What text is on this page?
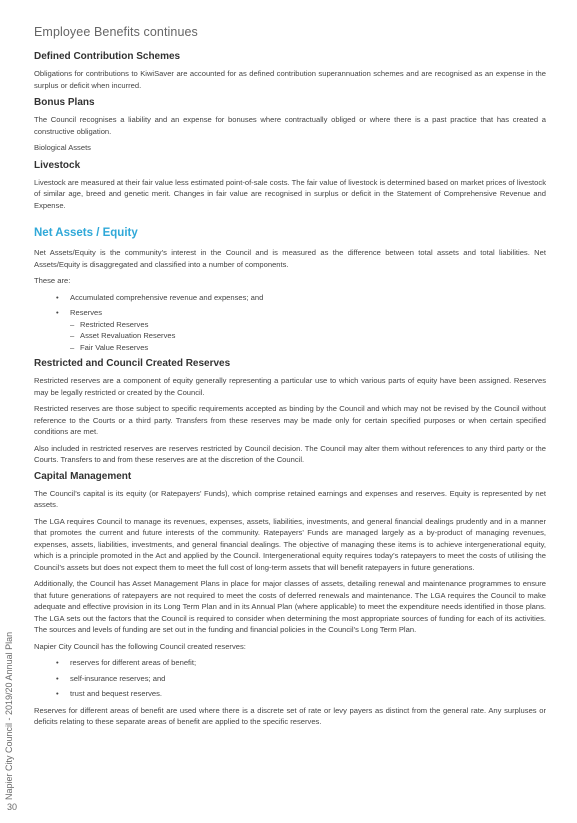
Napier City Council - 2019/20 Annual Plan
30
Employee Benefits continues
Defined Contribution Schemes

Obligations for contributions to KiwiSaver are accounted for as defined contribution superannuation schemes and are recognised as an expense in the surplus or deficit when incurred.

Bonus Plans

The Council recognises a liability and an expense for bonuses where contractually obliged or where there is a past practice that has created a constructive obligation.

Biological Assets

Livestock

Livestock are measured at their fair value less estimated point-of-sale costs. The fair value of livestock is determined based on market prices of livestock of similar age, breed and genetic merit. Changes in fair value are recognised in surplus or deficit in the Statement of Comprehensive Revenue and Expense.

Net Assets / Equity

Net Assets/Equity is the community’s interest in the Council and is measured as the difference between total assets and total liabilities. Net Assets/Equity is disaggregated and classified into a number of components.

These are:

• Accumulated comprehensive revenue and expenses; and
• Reserves
– Restricted Reserves
– Asset Revaluation Reserves
– Fair Value Reserves
Restricted and Council Created Reserves

Restricted reserves are a component of equity generally representing a particular use to which various parts of equity have been assigned. Reserves may be legally restricted or created by the Council.

Restricted reserves are those subject to specific requirements accepted as binding by the Council and which may not be revised by the Council without reference to the Courts or a third party. Transfers from these reserves may be made only for certain specified purposes or when certain specified conditions are met.

Also included in restricted reserves are reserves restricted by Council decision. The Council may alter them without references to any third party or the Courts. Transfers to and from these reserves are at the discretion of the Council.

Capital Management

The Council’s capital is its equity (or Ratepayers’ Funds), which comprise retained earnings and expenses and reserves. Equity is represented by net assets.

The LGA requires Council to manage its revenues, expenses, assets, liabilities, investments, and general financial dealings prudently and in a manner that promotes the current and future interests of the community. Ratepayers’ Funds are managed largely as a by-product of managing revenues, expenses, assets, liabilities, investments, and general financial dealings. The objective of managing these items is to achieve intergenerational equity, which is a principle promoted in the Act and applied by the Council. Intergenerational equity requires today’s ratepayers to meet the costs of utilising the Council’s assets but does not expect them to meet the full cost of long-term assets that will benefit ratepayers in future generations.

Additionally, the Council has Asset Management Plans in place for major classes of assets, detailing renewal and maintenance programmes to ensure that future generations of ratepayers are not required to meet the costs of deferred renewals and maintenance. The LGA requires the Council to make adequate and effective provision in its Long Term Plan and in its Annual Plan (where applicable) to meet the expenditure needs identified in those plans. The LGA sets out the factors that the Council is required to consider when determining the most appropriate sources of funding for each of its activities. The sources and levels of funding are set out in the funding and financial policies in the Council’s Long Term Plan.

Napier City Council has the following Council created reserves:

• reserves for different areas of benefit;
• self-insurance reserves; and
• trust and bequest reserves.

Reserves for different areas of benefit are used where there is a discrete set of rate or levy payers as distinct from the general rate. Any surpluses or deficits relating to these separate areas of benefit are applied to the specific reserves.
